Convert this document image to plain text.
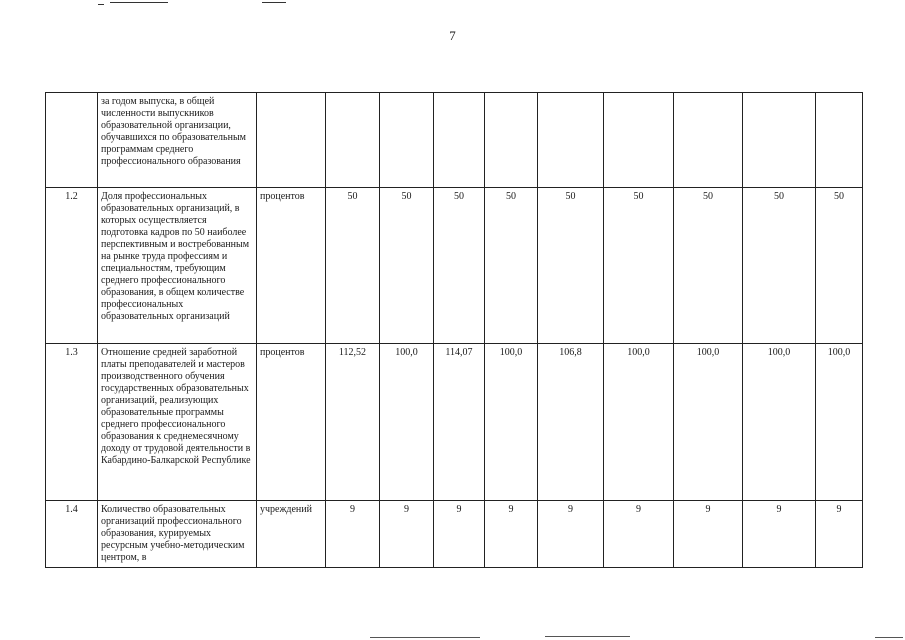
7
	за годом выпуска, в общей численности выпускников образовательной организации, обучавшихся по образовательным программам среднего профессионального образования										
1.2	Доля профессиональных образовательных организаций, в которых осуществляется подготовка кадров по 50 наиболее перспективным и востребованным на рынке труда профессиям и специальностям, требующим среднего профессионального образования, в общем количестве профессиональных образовательных организаций	процентов	50	50	50	50	50	50	50	50	50
1.3	Отношение средней заработной платы преподавателей и мастеров производственного обучения государственных образовательных организаций, реализующих образовательные программы среднего профессионального образования к среднемесячному доходу от трудовой деятельности в Кабардино-Балкарской Республике	процентов	112,52	100,0	114,07	100,0	106,8	100,0	100,0	100,0	100,0
1.4	Количество образовательных организаций профессионального образования, курируемых ресурсным учебно-методическим центром, в	учреждений	9	9	9	9	9	9	9	9	9
